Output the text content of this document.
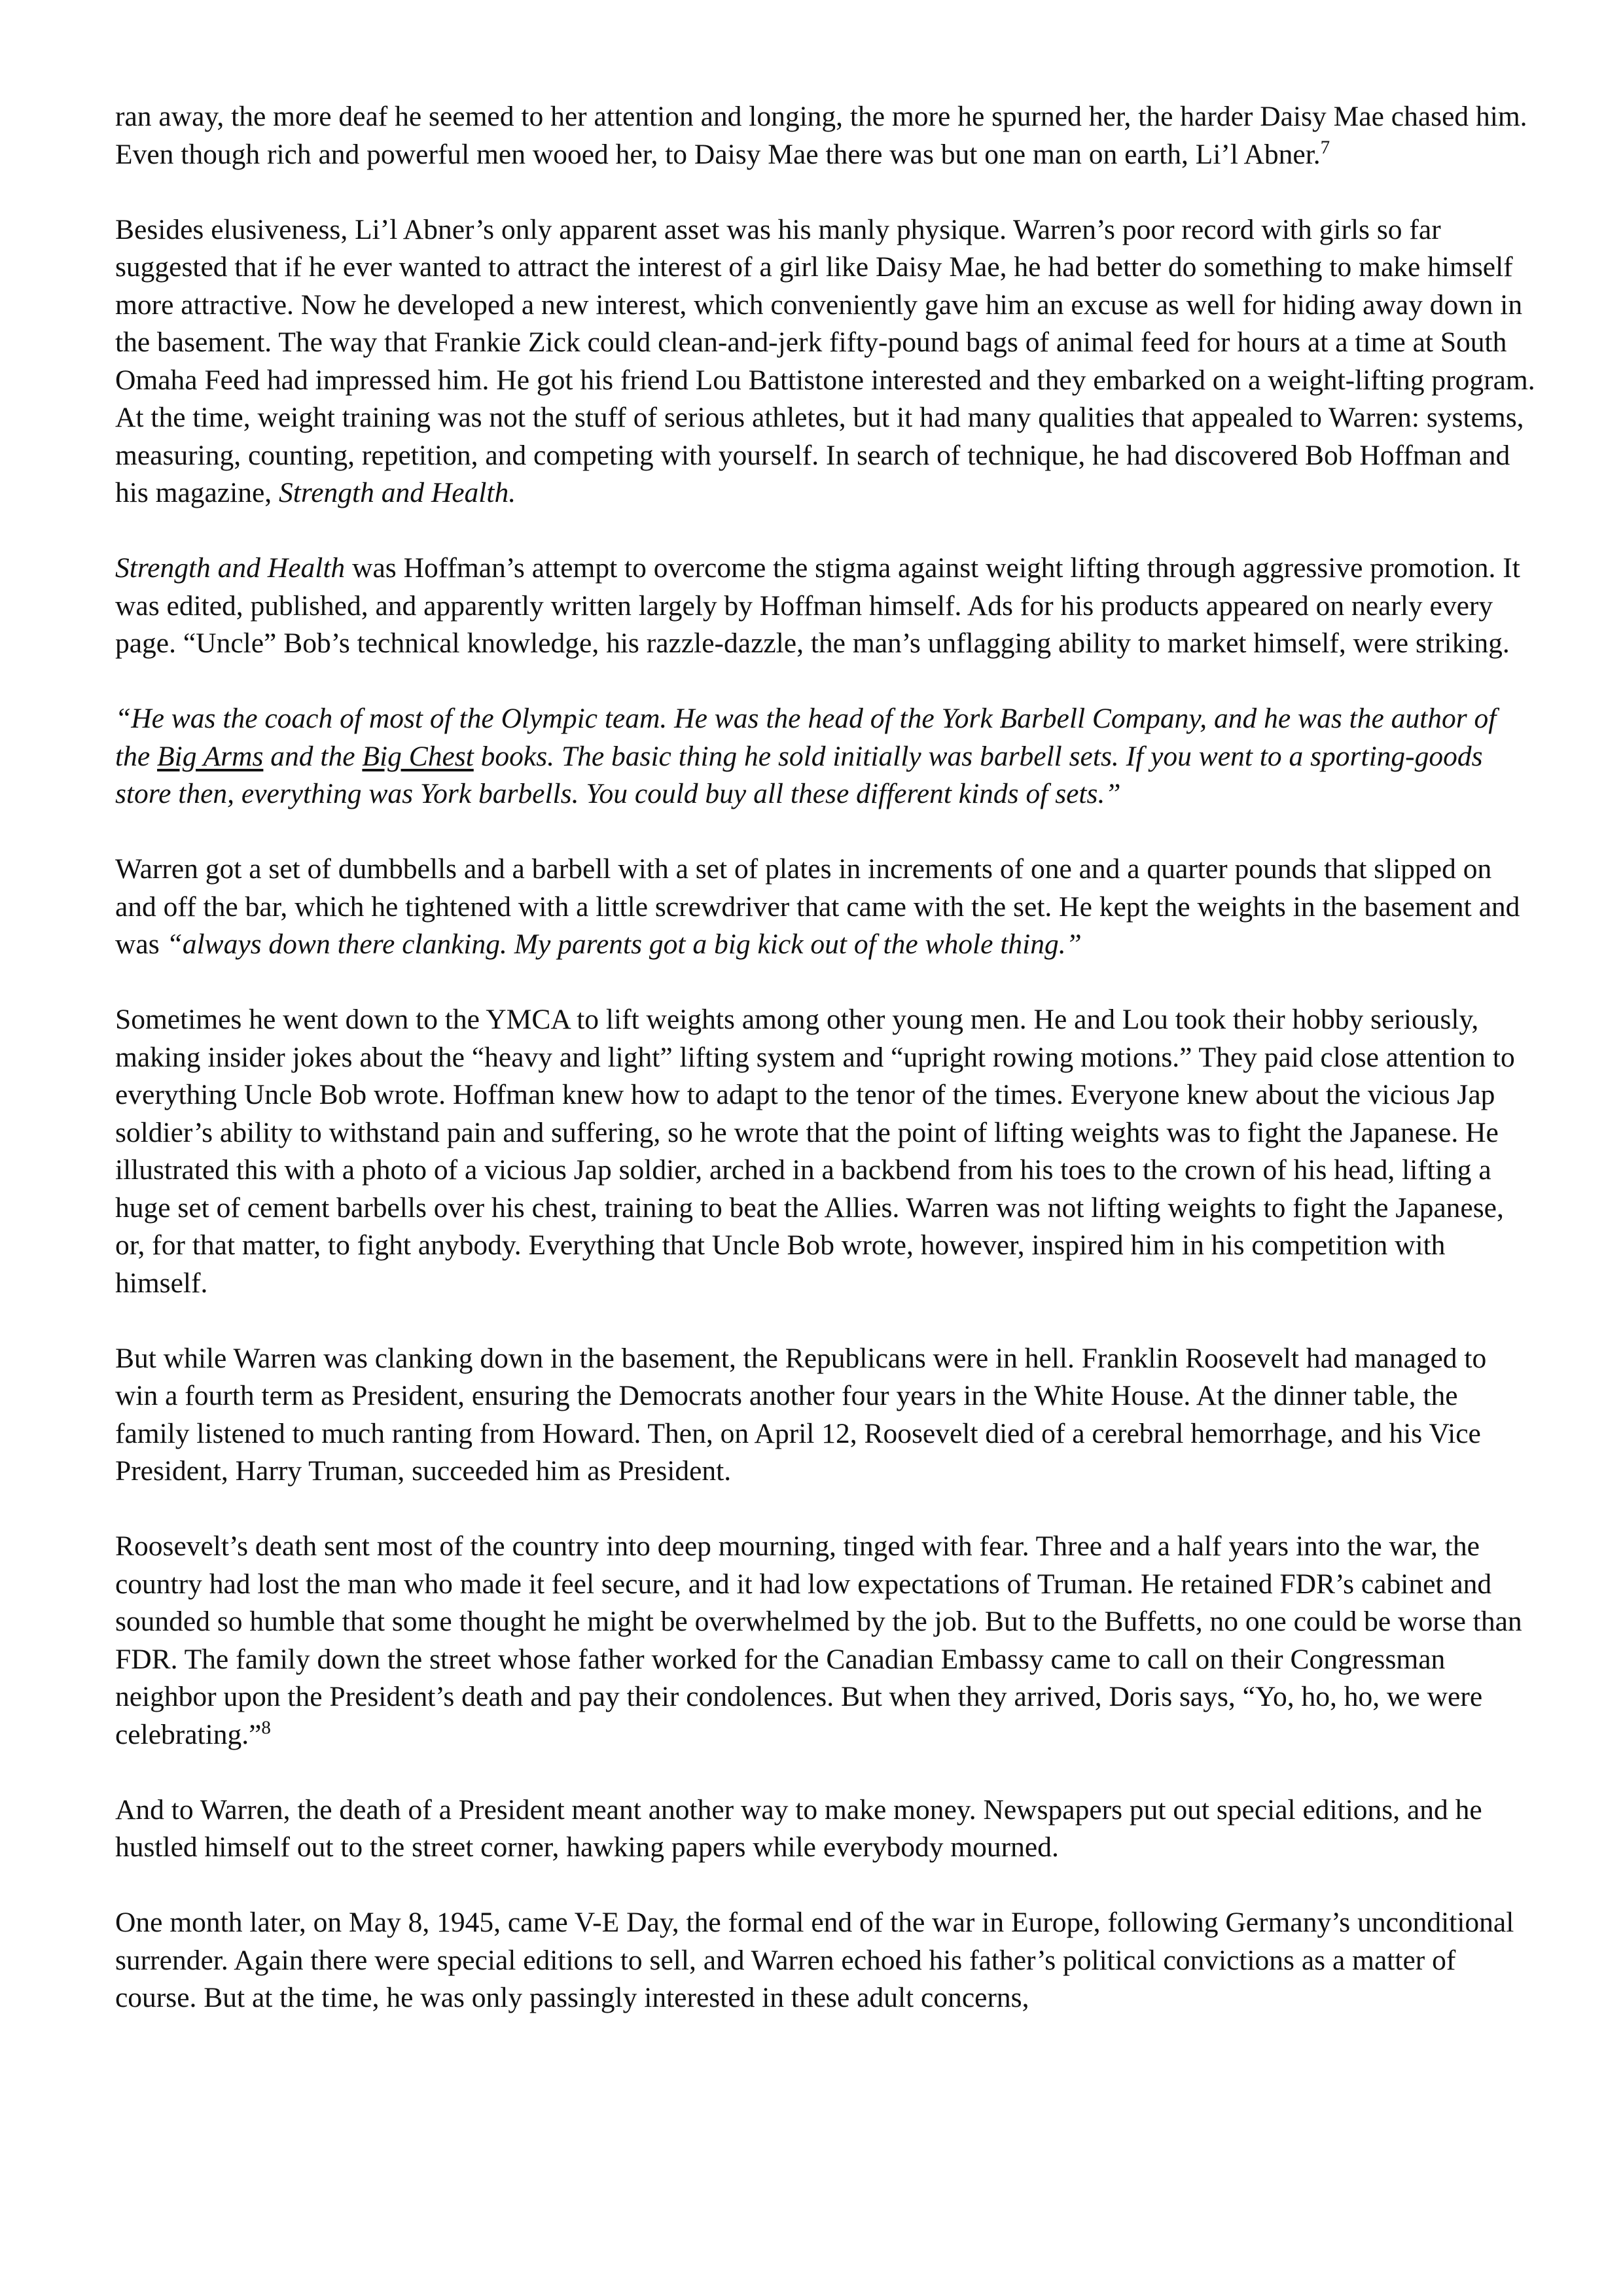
ran away, the more deaf he seemed to her attention and longing, the more he spurned her, the harder Daisy Mae chased him. Even though rich and powerful men wooed her, to Daisy Mae there was but one man on earth, Li’l Abner.$^7$

Besides elusiveness, Li’l Abner’s only apparent asset was his manly physique. Warren’s poor record with girls so far suggested that if he ever wanted to attract the interest of a girl like Daisy Mae, he had better do something to make himself more attractive. Now he developed a new interest, which conveniently gave him an excuse as well for hiding away down in the basement. The way that Frankie Zick could clean-and-jerk fifty-pound bags of animal feed for hours at a time at South Omaha Feed had impressed him. He got his friend Lou Battistone interested and they embarked on a weight-lifting program. At the time, weight training was not the stuff of serious athletes, but it had many qualities that appealed to Warren: systems, measuring, counting, repetition, and competing with yourself. In search of technique, he had discovered Bob Hoffman and his magazine, Strength and Health.

Strength and Health was Hoffman’s attempt to overcome the stigma against weight lifting through aggressive promotion. It was edited, published, and apparently written largely by Hoffman himself. Ads for his products appeared on nearly every page. “Uncle” Bob’s technical knowledge, his razzle-dazzle, the man’s unflagging ability to market himself, were striking.

“He was the coach of most of the Olympic team. He was the head of the York Barbell Company, and he was the author of the Big Arms and the Big Chest books. The basic thing he sold initially was barbell sets. If you went to a sporting-goods store then, everything was York barbells. You could buy all these different kinds of sets.”

Warren got a set of dumbbells and a barbell with a set of plates in increments of one and a quarter pounds that slipped on and off the bar, which he tightened with a little screwdriver that came with the set. He kept the weights in the basement and was “always down there clanking. My parents got a big kick out of the whole thing.”

Sometimes he went down to the YMCA to lift weights among other young men. He and Lou took their hobby seriously, making insider jokes about the “heavy and light” lifting system and “upright rowing motions.” They paid close attention to everything Uncle Bob wrote. Hoffman knew how to adapt to the tenor of the times. Everyone knew about the vicious Jap soldier’s ability to withstand pain and suffering, so he wrote that the point of lifting weights was to fight the Japanese. He illustrated this with a photo of a vicious Jap soldier, arched in a backbend from his toes to the crown of his head, lifting a huge set of cement barbells over his chest, training to beat the Allies. Warren was not lifting weights to fight the Japanese, or, for that matter, to fight anybody. Everything that Uncle Bob wrote, however, inspired him in his competition with himself.

But while Warren was clanking down in the basement, the Republicans were in hell. Franklin Roosevelt had managed to win a fourth term as President, ensuring the Democrats another four years in the White House. At the dinner table, the family listened to much ranting from Howard. Then, on April 12, Roosevelt died of a cerebral hemorrhage, and his Vice President, Harry Truman, succeeded him as President.

Roosevelt’s death sent most of the country into deep mourning, tinged with fear. Three and a half years into the war, the country had lost the man who made it feel secure, and it had low expectations of Truman. He retained FDR’s cabinet and sounded so humble that some thought he might be overwhelmed by the job. But to the Buffetts, no one could be worse than FDR. The family down the street whose father worked for the Canadian Embassy came to call on their Congressman neighbor upon the President’s death and pay their condolences. But when they arrived, Doris says, “Yo, ho, ho, we were celebrating.”$^8$

And to Warren, the death of a President meant another way to make money. Newspapers put out special editions, and he hustled himself out to the street corner, hawking papers while everybody mourned.

One month later, on May 8, 1945, came V-E Day, the formal end of the war in Europe, following Germany’s unconditional surrender. Again there were special editions to sell, and Warren echoed his father’s political convictions as a matter of course. But at the time, he was only passingly interested in these adult concerns,
